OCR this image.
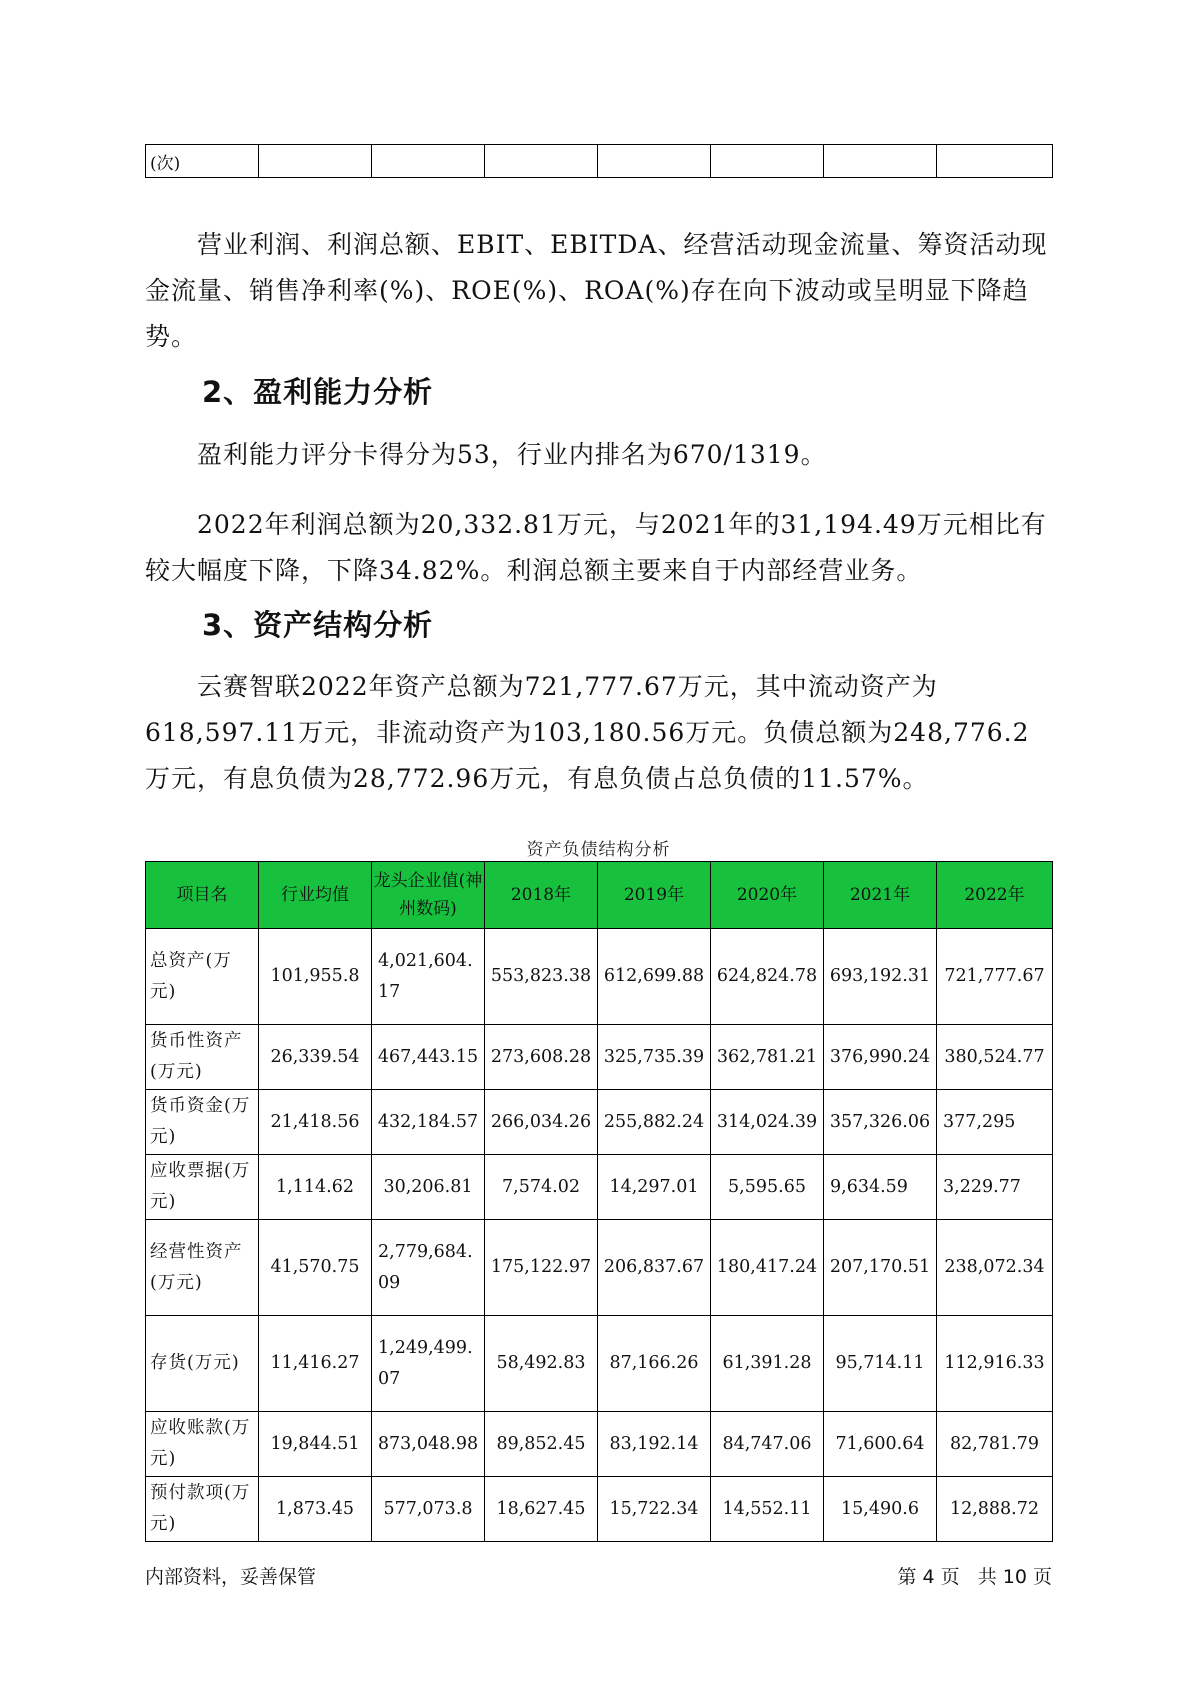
(次)							
营业利润、利润总额、EBIT、EBITDA、经营活动现金流量、筹资活动现金流量、销售净利率(%)、ROE(%)、ROA(%)存在向下波动或呈明显下降趋势。
2、盈利能力分析
盈利能力评分卡得分为53，行业内排名为670/1319。
2022年利润总额为20,332.81万元，与2021年的31,194.49万元相比有较大幅度下降，下降34.82%。利润总额主要来自于内部经营业务。
3、资产结构分析
云赛智联2022年资产总额为721,777.67万元，其中流动资产为618,597.11万元，非流动资产为103,180.56万元。负债总额为248,776.2万元，有息负债为28,772.96万元，有息负债占总负债的11.57%。
资产负债结构分析
项目名	行业均值	龙头企业值(神州数码)	2018年	2019年	2020年	2021年	2022年
总资产(万元)	101,955.8	4,021,604.17	553,823.38	612,699.88	624,824.78	693,192.31	721,777.67
货币性资产(万元)	26,339.54	467,443.15	273,608.28	325,735.39	362,781.21	376,990.24	380,524.77
货币资金(万元)	21,418.56	432,184.57	266,034.26	255,882.24	314,024.39	357,326.06	377,295
应收票据(万元)	1,114.62	30,206.81	7,574.02	14,297.01	5,595.65	9,634.59	3,229.77
经营性资产(万元)	41,570.75	2,779,684.09	175,122.97	206,837.67	180,417.24	207,170.51	238,072.34
存货(万元)	11,416.27	1,249,499.07	58,492.83	87,166.26	61,391.28	95,714.11	112,916.33
应收账款(万元)	19,844.51	873,048.98	89,852.45	83,192.14	84,747.06	71,600.64	82,781.79
预付款项(万元)	1,873.45	577,073.8	18,627.45	15,722.34	14,552.11	15,490.6	12,888.72
内部资料，妥善保管	第 4 页   共 10 页
